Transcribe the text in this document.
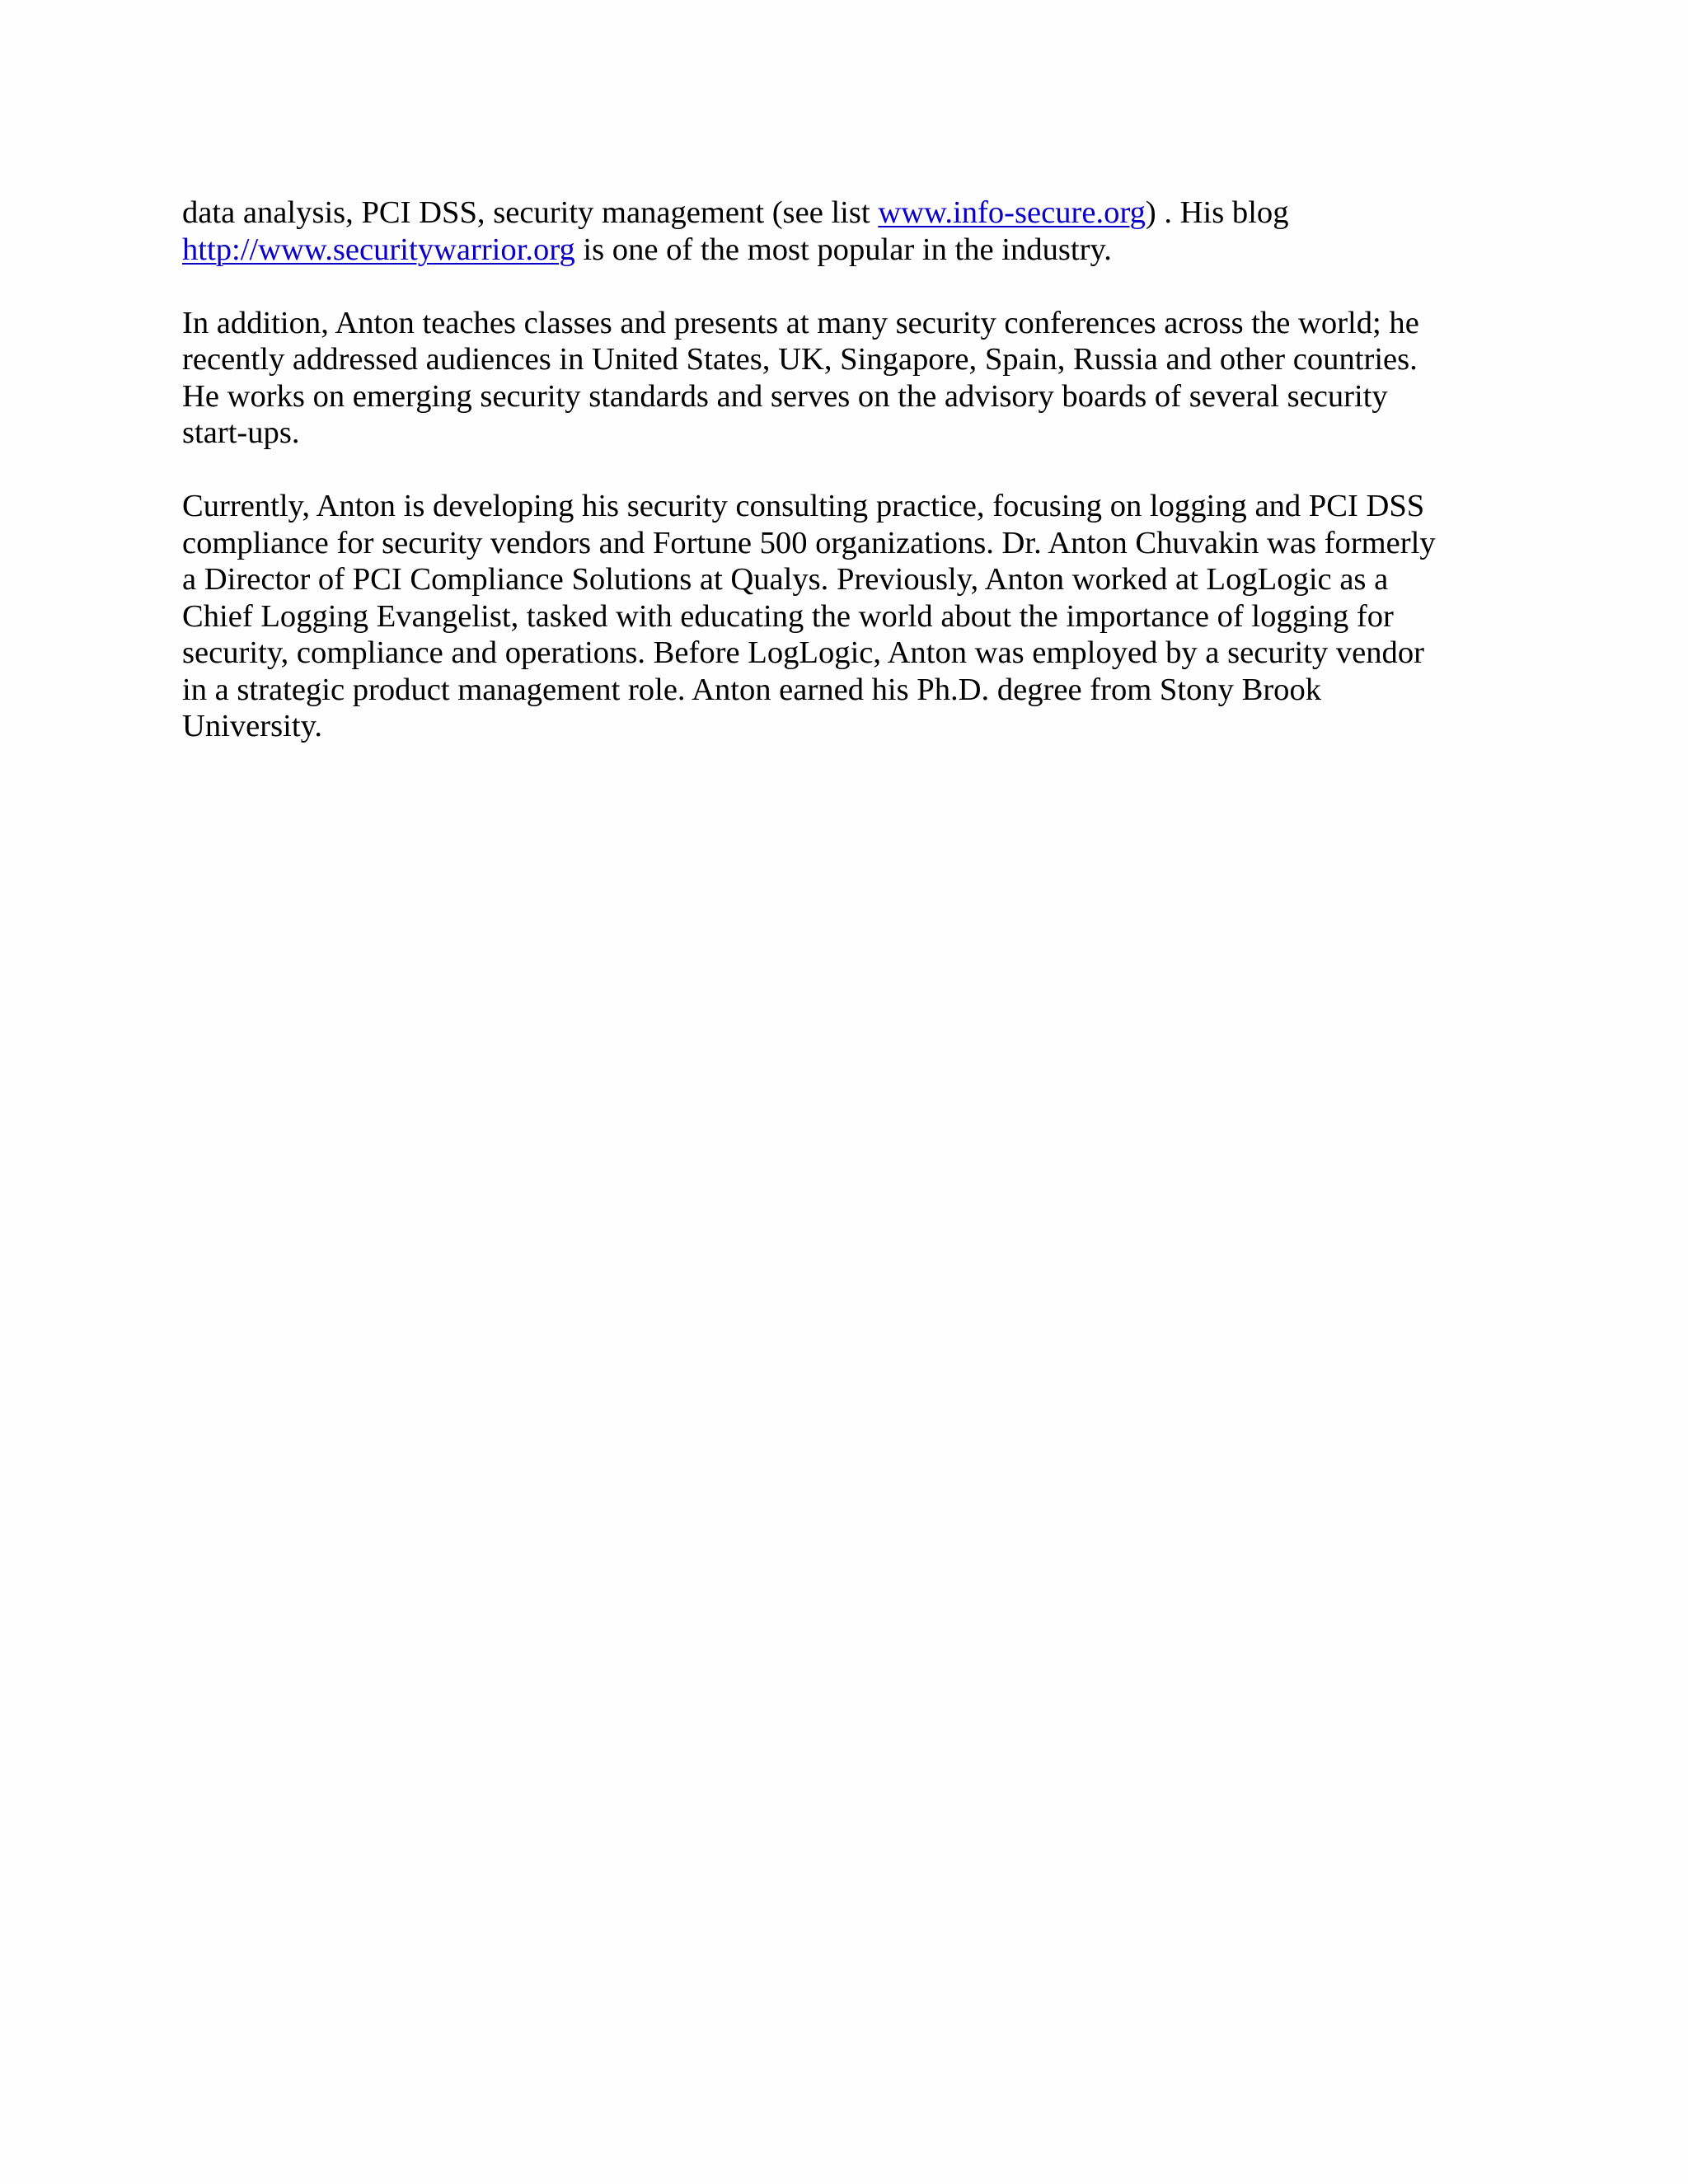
data analysis, PCI DSS, security management (see list www.info-secure.org) . His blog
http://www.securitywarrior.org is one of the most popular in the industry.

In addition, Anton teaches classes and presents at many security conferences across the world; he
recently addressed audiences in United States, UK, Singapore, Spain, Russia and other countries.
He works on emerging security standards and serves on the advisory boards of several security
start-ups.

Currently, Anton is developing his security consulting practice, focusing on logging and PCI DSS
compliance for security vendors and Fortune 500 organizations. Dr. Anton Chuvakin was formerly
a Director of PCI Compliance Solutions at Qualys. Previously, Anton worked at LogLogic as a
Chief Logging Evangelist, tasked with educating the world about the importance of logging for
security, compliance and operations. Before LogLogic, Anton was employed by a security vendor
in a strategic product management role. Anton earned his Ph.D. degree from Stony Brook
University.
